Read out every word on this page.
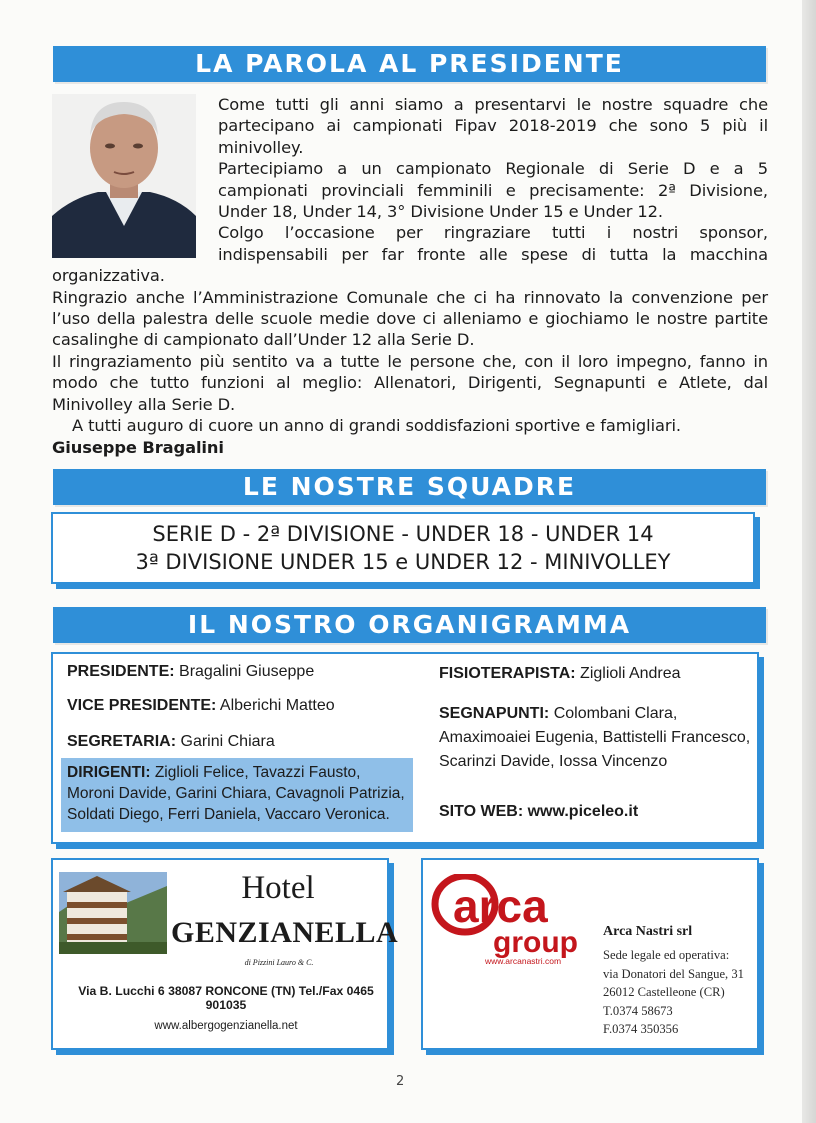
LA PAROLA AL PRESIDENTE

Come tutti gli anni siamo a presentarvi le nostre squadre che partecipano ai campionati Fipav 2018-2019 che sono 5 più il minivolley.

Partecipiamo a un campionato Regionale di Serie D e a 5 campionati provinciali femminili e precisamente: 2ª Divisione, Under 18, Under 14, 3° Divisione Under 15 e Under 12.

Colgo l’occasione per ringraziare tutti i nostri sponsor, indispensabili per far fronte alle spese di tutta la macchina organizzativa.

Ringrazio anche l’Amministrazione Comunale che ci ha rinnovato la convenzione per l’uso della palestra delle scuole medie dove ci alleniamo e giochiamo le nostre partite casalinghe di campionato dall’Under 12 alla Serie D.

Il ringraziamento più sentito va a tutte le persone che, con il loro impegno, fanno in modo che tutto funzioni al meglio: Allenatori, Dirigenti, Segnapunti e Atlete, dal Minivolley alla Serie D.

A tutti auguro di cuore un anno di grandi soddisfazioni sportive e famigliari.

Giuseppe Bragalini

LE NOSTRE SQUADRE
SERIE D - 2ª DIVISIONE - UNDER 18 - UNDER 14
3ª DIVISIONE UNDER 15 e UNDER 12 - MINIVOLLEY
IL NOSTRO ORGANIGRAMMA
PRESIDENTE: Bragalini Giuseppe
VICE PRESIDENTE: Alberichi Matteo
SEGRETARIA: Garini Chiara
DIRIGENTI: Ziglioli Felice, Tavazzi Fausto, Moroni Davide, Garini Chiara, Cavagnoli Patrizia, Soldati Diego, Ferri Daniela, Vaccaro Veronica.
FISIOTERAPISTA: Ziglioli Andrea
SEGNAPUNTI: Colombani Clara, Amaximoaiei Eugenia, Battistelli Francesco, Scarinzi Davide, Iossa Vincenzo
SITO WEB: www.piceleo.it
Hotel
GENZIANELLA
di Pizzini Lauro & C.
Via B. Lucchi 6 38087 RONCONE (TN) Tel./Fax 0465 901035
www.albergogenzianella.net
arca
group
www.arcanastri.com
Arca Nastri srl
Sede legale ed operativa:
via Donatori del Sangue, 31
26012 Castelleone (CR)
T.0374 58673
F.0374 350356
2
